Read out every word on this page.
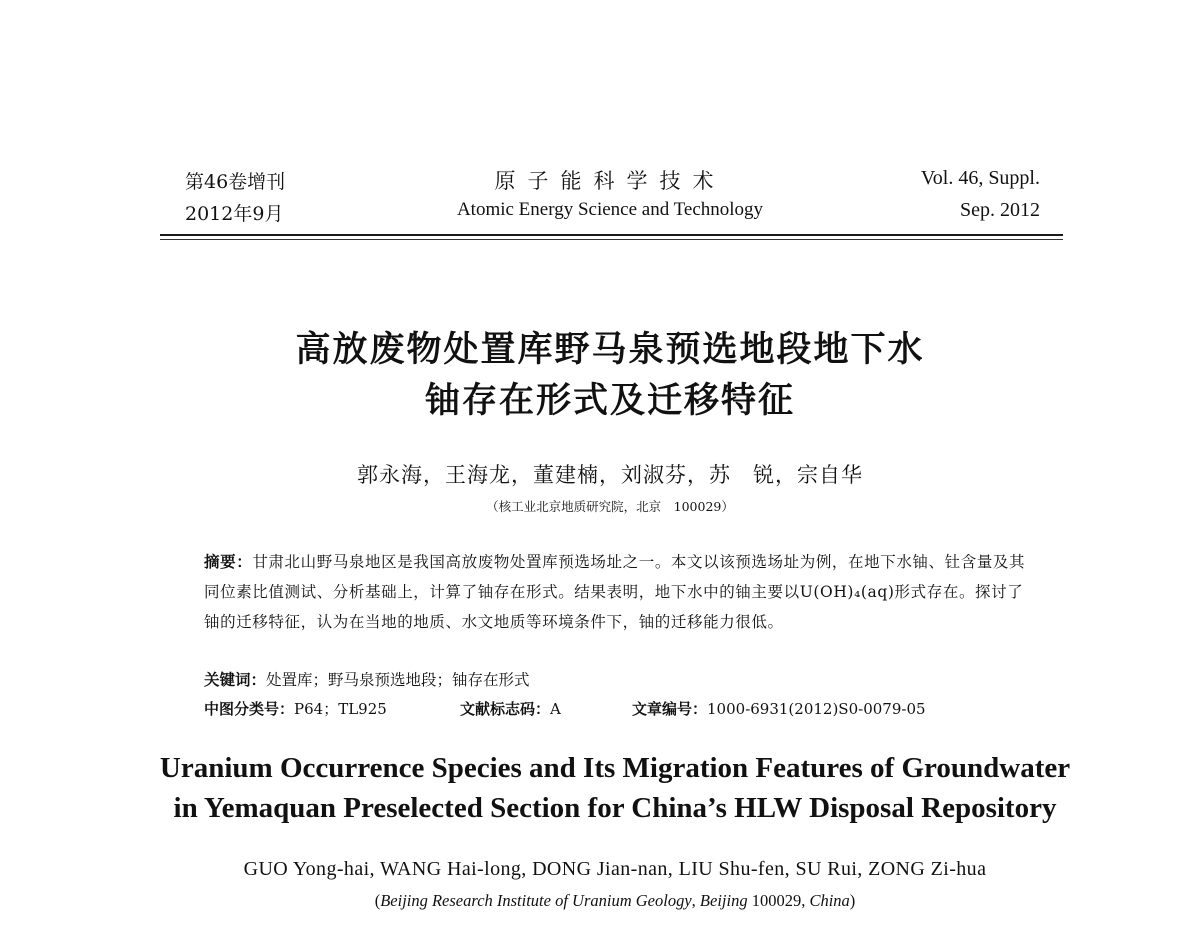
第46卷增刊
2012年9月
原子能科学技术
Atomic Energy Science and Technology
Vol. 46, Suppl.
Sep. 2012
高放废物处置库野马泉预选地段地下水
铀存在形式及迁移特征
郭永海，王海龙，董建楠，刘淑芬，苏　锐，宗自华
（核工业北京地质研究院，北京　100029）
摘要：甘肃北山野马泉地区是我国高放废物处置库预选场址之一。本文以该预选场址为例，在地下水铀、钍含量及其同位素比值测试、分析基础上，计算了铀存在形式。结果表明，地下水中的铀主要以U(OH)₄(aq)形式存在。探讨了铀的迁移特征，认为在当地的地质、水文地质等环境条件下，铀的迁移能力很低。
关键词：处置库；野马泉预选地段；铀存在形式
中图分类号：P64；TL925	文献标志码：A	文章编号：1000-6931(2012)S0-0079-05
Uranium Occurrence Species and Its Migration Features of Groundwater
in Yemaquan Preselected Section for China’s HLW Disposal Repository
GUO Yong-hai, WANG Hai-long, DONG Jian-nan, LIU Shu-fen, SU Rui, ZONG Zi-hua
(Beijing Research Institute of Uranium Geology, Beijing 100029, China)
